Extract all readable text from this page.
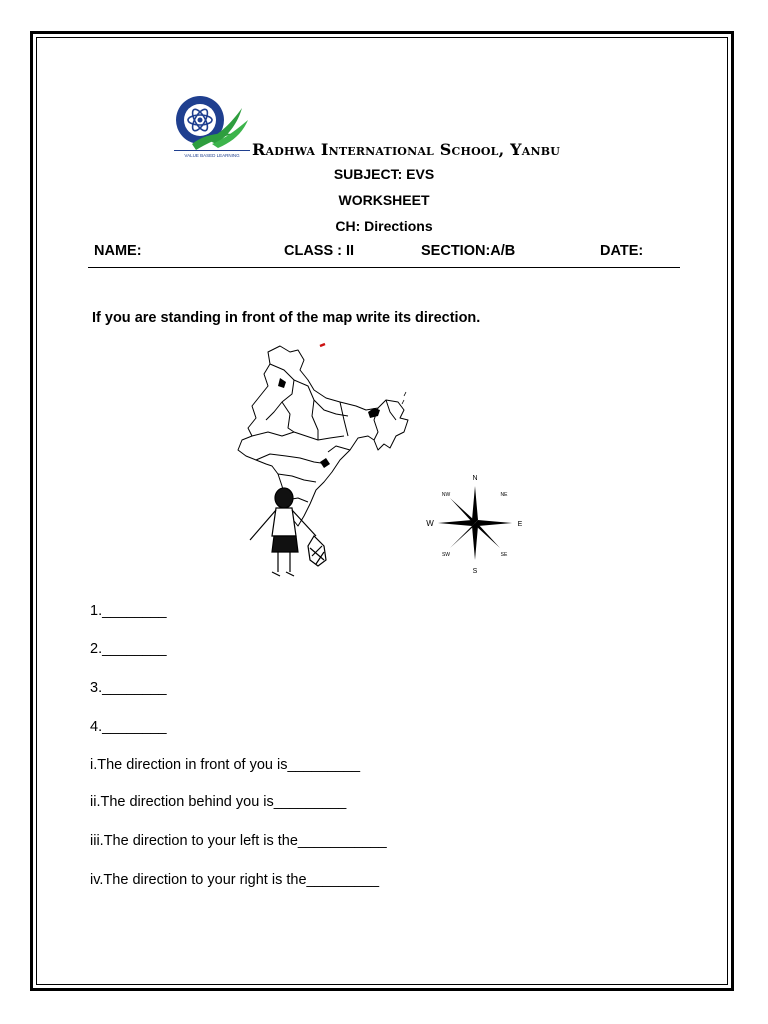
VALUE BASED LEARNING Radhwa International School, Yanbu
SUBJECT: EVS
WORKSHEET
CH: Directions
NAME:	CLASS : II	SECTION:A/B	DATE:
If you are standing in front of the map write its direction.
N
S
W	E
NW	NE
SW	SE
1.________
2.________
3.________
4.________
i.The direction in front of you is_________
ii.The direction behind you is_________
iii.The direction to your left is the___________
iv.The direction to your right is the_________
